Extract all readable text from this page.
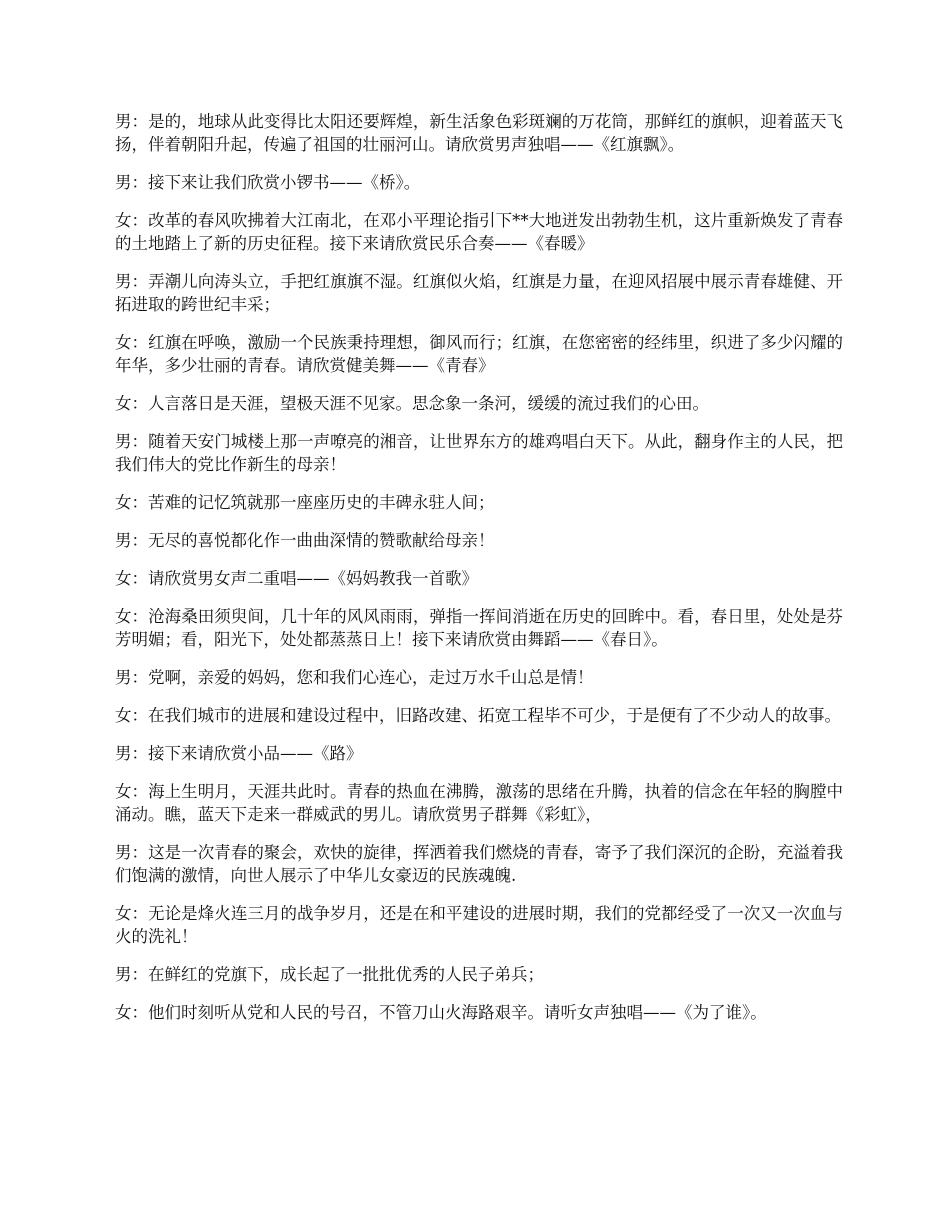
男：是的，地球从此变得比太阳还要辉煌，新生活象色彩斑斓的万花筒，那鲜红的旗帜，迎着蓝天飞扬，伴着朝阳升起，传遍了祖国的壮丽河山。请欣赏男声独唱——《红旗飘》。

男：接下来让我们欣赏小锣书——《桥》。

女：改革的春风吹拂着大江南北，在邓小平理论指引下**大地迸发出勃勃生机，这片重新焕发了青春的土地踏上了新的历史征程。接下来请欣赏民乐合奏——《春暖》

男：弄潮儿向涛头立，手把红旗旗不湿。红旗似火焰，红旗是力量，在迎风招展中展示青春雄健、开拓进取的跨世纪丰采；

女：红旗在呼唤，激励一个民族秉持理想，御风而行；红旗，在您密密的经纬里，织进了多少闪耀的年华，多少壮丽的青春。请欣赏健美舞——《青春》

女：人言落日是天涯，望极天涯不见家。思念象一条河，缓缓的流过我们的心田。

男：随着天安门城楼上那一声嘹亮的湘音，让世界东方的雄鸡唱白天下。从此，翻身作主的人民，把我们伟大的党比作新生的母亲！

女：苦难的记忆筑就那一座座历史的丰碑永驻人间；

男：无尽的喜悦都化作一曲曲深情的赞歌献给母亲！

女：请欣赏男女声二重唱——《妈妈教我一首歌》

女：沧海桑田须臾间，几十年的风风雨雨，弹指一挥间消逝在历史的回眸中。看，春日里，处处是芬芳明媚；看，阳光下，处处都蒸蒸日上！接下来请欣赏由舞蹈——《春日》。

男：党啊，亲爱的妈妈，您和我们心连心，走过万水千山总是情！

女：在我们城市的进展和建设过程中，旧路改建、拓宽工程毕不可少，于是便有了不少动人的故事。

男：接下来请欣赏小品——《路》

女：海上生明月，天涯共此时。青春的热血在沸腾，激荡的思绪在升腾，执着的信念在年轻的胸膛中涌动。瞧，蓝天下走来一群威武的男儿。请欣赏男子群舞《彩虹》，

男：这是一次青春的聚会，欢快的旋律，挥洒着我们燃烧的青春，寄予了我们深沉的企盼，充溢着我们饱满的激情，向世人展示了中华儿女豪迈的民族魂魄.

女：无论是烽火连三月的战争岁月，还是在和平建设的进展时期，我们的党都经受了一次又一次血与火的洗礼！

男：在鲜红的党旗下，成长起了一批批优秀的人民子弟兵；

女：他们时刻听从党和人民的号召，不管刀山火海路艰辛。请听女声独唱——《为了谁》。
